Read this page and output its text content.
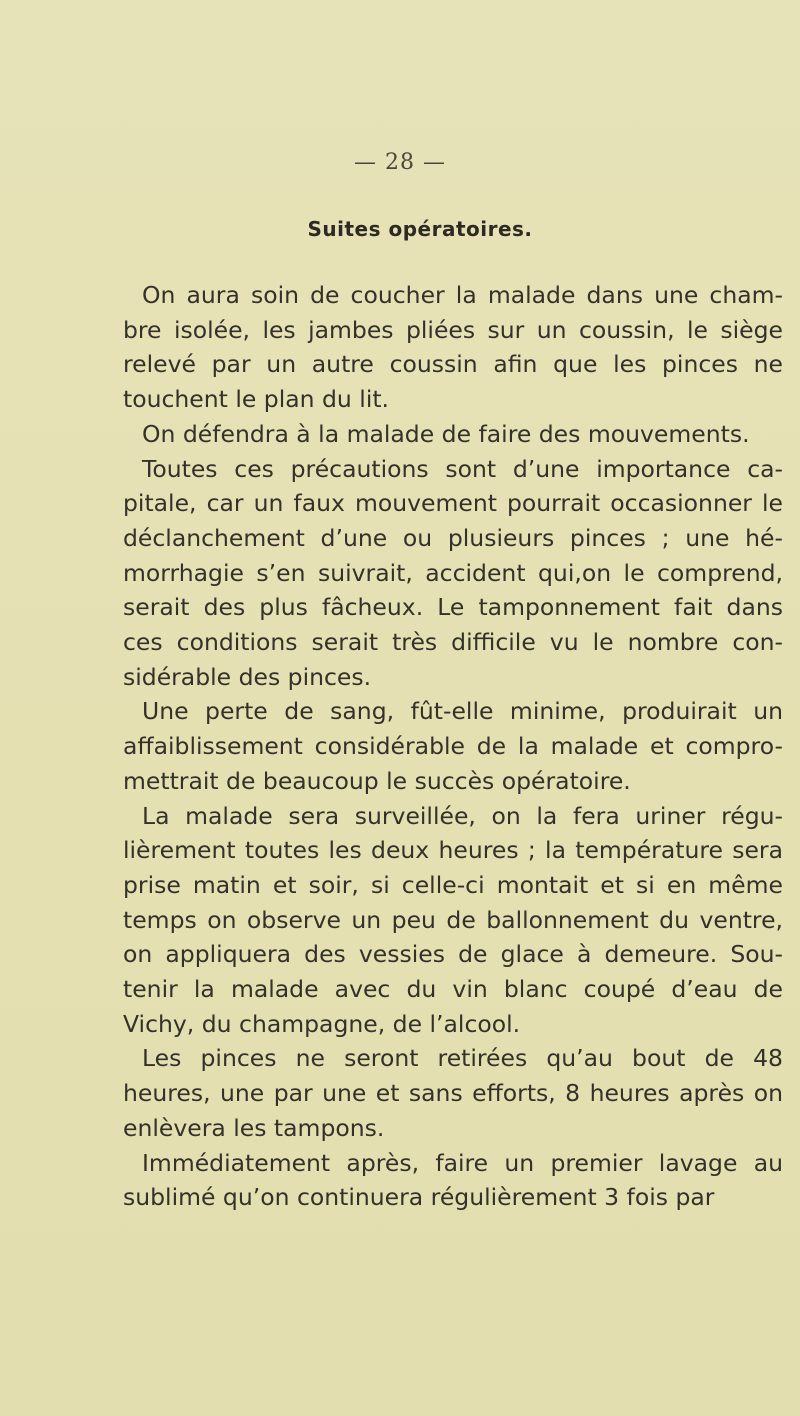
— 28 —
Suites opératoires.

On aura soin de coucher la malade dans une cham-bre isolée, les jambes pliées sur un coussin, le siège relevé par un autre coussin afin que les pinces ne touchent le plan du lit.

On défendra à la malade de faire des mouvements.

Toutes ces précautions sont d’une importance ca-pitale, car un faux mouvement pourrait occasionner le déclanchement d’une ou plusieurs pinces ; une hé-morrhagie s’en suivrait, accident qui,on le comprend, serait des plus fâcheux. Le tamponnement fait dans ces conditions serait très difficile vu le nombre con-sidérable des pinces.

Une perte de sang, fût-elle minime, produirait un affaiblissement considérable de la malade et compro-mettrait de beaucoup le succès opératoire.

La malade sera surveillée, on la fera uriner régu-lièrement toutes les deux heures ; la température sera prise matin et soir, si celle-ci montait et si en même temps on observe un peu de ballonnement du ventre, on appliquera des vessies de glace à demeure. Sou-tenir la malade avec du vin blanc coupé d’eau de Vichy, du champagne, de l’alcool.

Les pinces ne seront retirées qu’au bout de 48 heures, une par une et sans efforts, 8 heures après on enlèvera les tampons.

Immédiatement après, faire un premier lavage au sublimé qu’on continuera régulièrement 3 fois par
